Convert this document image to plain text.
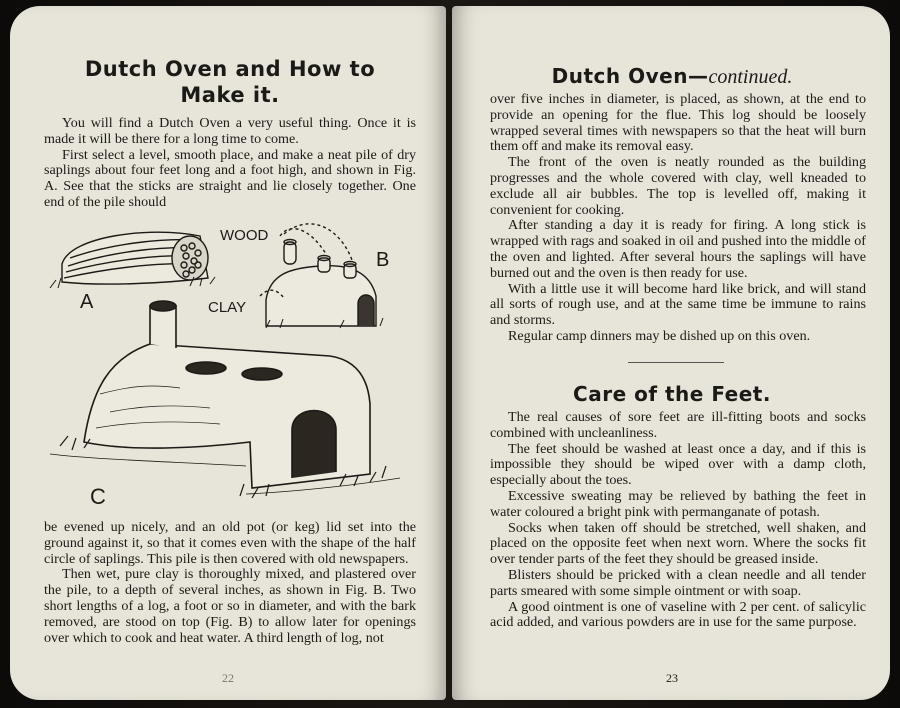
Dutch Oven and How to
Make it.

You will find a Dutch Oven a very useful thing. Once it is made it will be there for a long time to come.

First select a level, smooth place, and make a neat pile of dry saplings about four feet long and a foot high, and shown in Fig. A. See that the sticks are straight and lie closely together. One end of the pile should

A
WOOD
B
CLAY
C

be evened up nicely, and an old pot (or keg) lid set into the ground against it, so that it comes even with the shape of the half circle of saplings. This pile is then covered with old newspapers.

Then wet, pure clay is thoroughly mixed, and plastered over the pile, to a depth of several inches, as shown in Fig. B. Two short lengths of a log, a foot or so in diameter, and with the bark removed, are stood on top (Fig. B) to allow later for openings over which to cook and heat water. A third length of log, not

22
Dutch Oven—continued.

over five inches in diameter, is placed, as shown, at the end to provide an opening for the flue. This log should be loosely wrapped several times with newspapers so that the heat will burn them off and make its removal easy.

The front of the oven is neatly rounded as the building progresses and the whole covered with clay, well kneaded to exclude all air bubbles. The top is levelled off, making it convenient for cooking.

After standing a day it is ready for firing. A long stick is wrapped with rags and soaked in oil and pushed into the middle of the oven and lighted. After several hours the saplings will have burned out and the oven is then ready for use.

With a little use it will become hard like brick, and will stand all sorts of rough use, and at the same time be immune to rains and storms.

Regular camp dinners may be dished up on this oven.

Care of the Feet.

The real causes of sore feet are ill-fitting boots and socks combined with uncleanliness.

The feet should be washed at least once a day, and if this is impossible they should be wiped over with a damp cloth, especially about the toes.

Excessive sweating may be relieved by bathing the feet in water coloured a bright pink with permanganate of potash.

Socks when taken off should be stretched, well shaken, and placed on the opposite feet when next worn. Where the socks fit over tender parts of the feet they should be greased inside.

Blisters should be pricked with a clean needle and all tender parts smeared with some simple ointment or with soap.

A good ointment is one of vaseline with 2 per cent. of salicylic acid added, and various powders are in use for the same purpose.

23
